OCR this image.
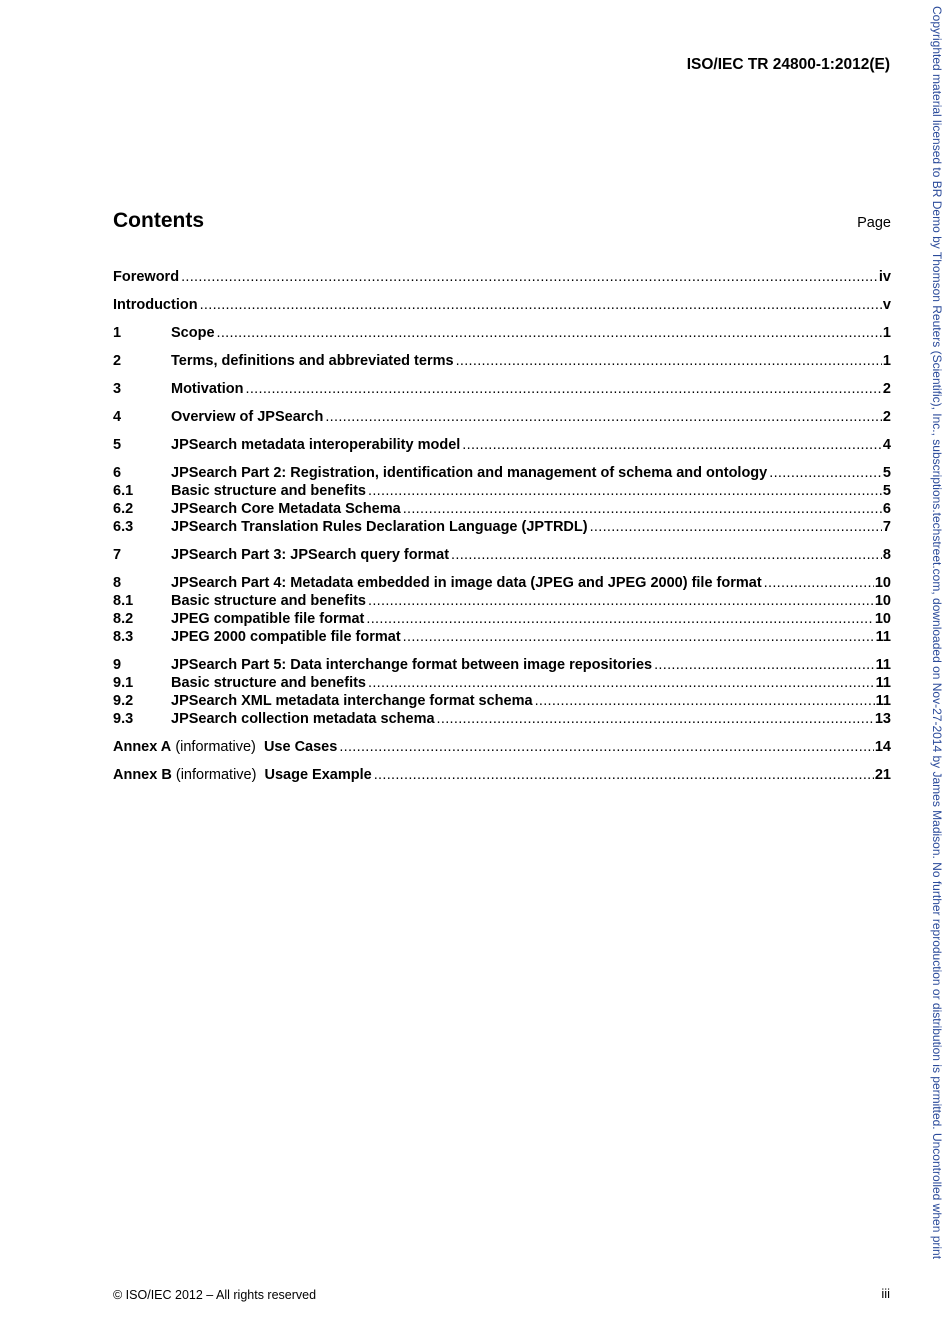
ISO/IEC TR 24800-1:2012(E)
Contents	Page
Foreword .....	iv
Introduction .....	v
1	Scope .....	1
2	Terms, definitions and abbreviated terms .....	1
3	Motivation .....	2
4	Overview of JPSearch .....	2
5	JPSearch metadata interoperability model .....	4
6	JPSearch Part 2: Registration, identification and management of schema and ontology .....	5
6.1	Basic structure and benefits .....	5
6.2	JPSearch Core Metadata Schema .....	6
6.3	JPSearch Translation Rules Declaration Language (JPTRDL) .....	7
7	JPSearch Part 3: JPSearch query format .....	8
8	JPSearch Part 4: Metadata embedded in image data (JPEG and JPEG 2000) file format .....	10
8.1	Basic structure and benefits .....	10
8.2	JPEG compatible file format .....	10
8.3	JPEG 2000 compatible file format .....	11
9	JPSearch Part 5: Data interchange format between image repositories .....	11
9.1	Basic structure and benefits .....	11
9.2	JPSearch XML metadata interchange format schema .....	11
9.3	JPSearch collection metadata schema .....	13
Annex A (informative) Use Cases .....	14
Annex B (informative) Usage Example .....	21
© ISO/IEC 2012 – All rights reserved	iii
Copyrighted material licensed to BR Demo by Thomson Reuters (Scientific), Inc., subscriptions.techstreet.com, downloaded on Nov-27-2014 by James Madison. No further reproduction or distribution is permitted. Uncontrolled when print
